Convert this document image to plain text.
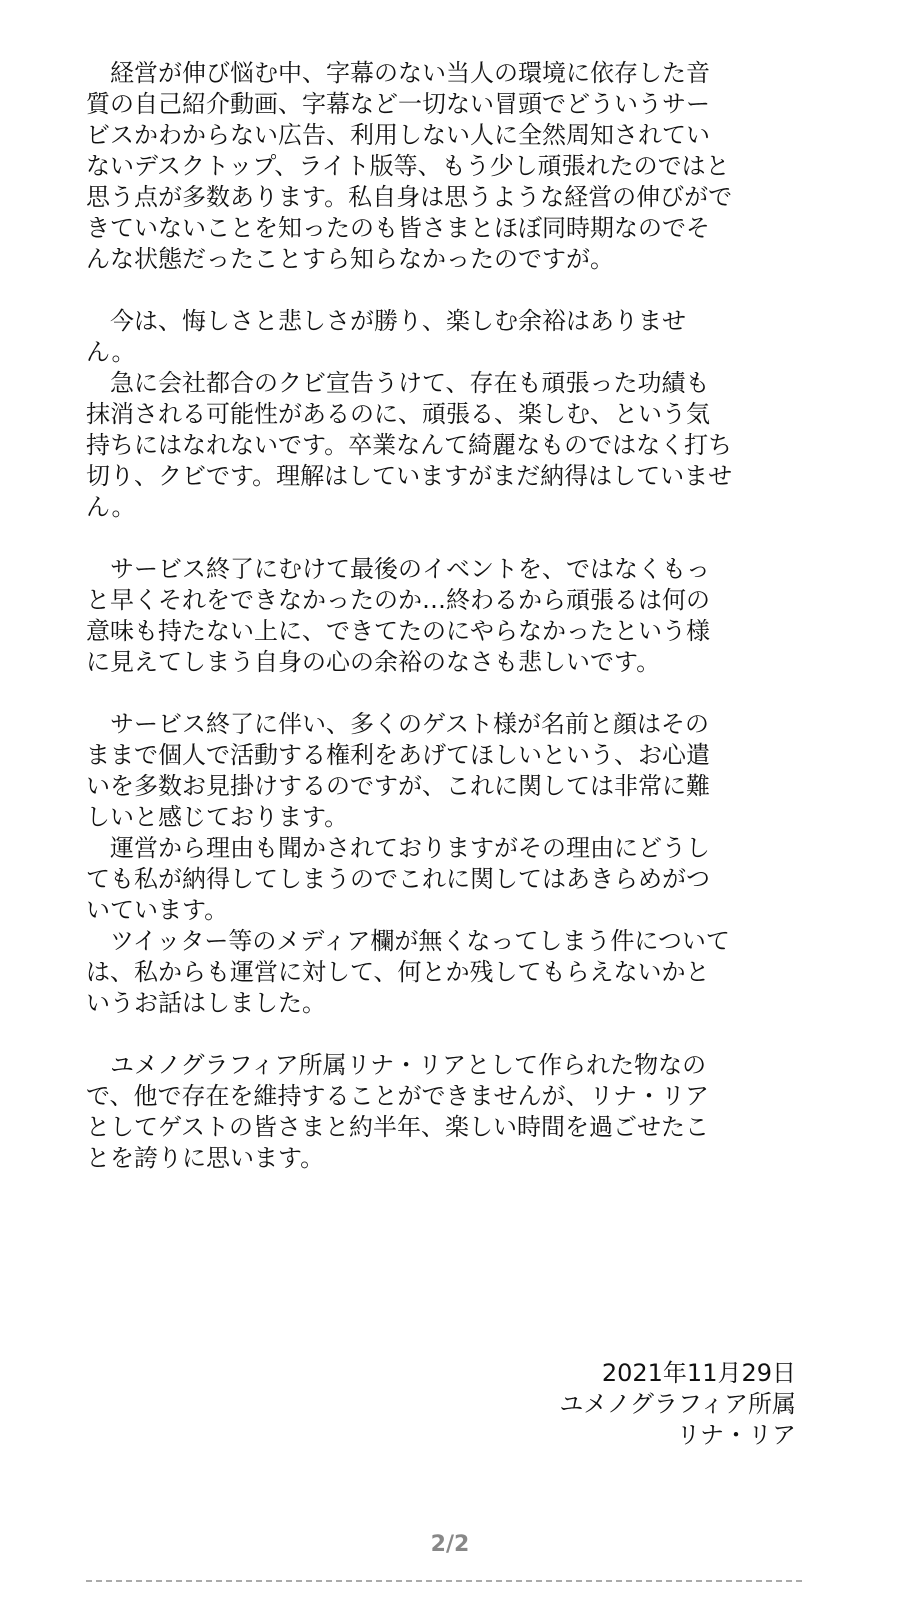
　経営が伸び悩む中、字幕のない当人の環境に依存した音
質の自己紹介動画、字幕など一切ない冒頭でどういうサー
ビスかわからない広告、利用しない人に全然周知されてい
ないデスクトップ、ライト版等、もう少し頑張れたのではと
思う点が多数あります。私自身は思うような経営の伸びがで
きていないことを知ったのも皆さまとほぼ同時期なのでそ
んな状態だったことすら知らなかったのですが。
　今は、悔しさと悲しさが勝り、楽しむ余裕はありませ
ん。
　急に会社都合のクビ宣告うけて、存在も頑張った功績も
抹消される可能性があるのに、頑張る、楽しむ、という気
持ちにはなれないです。卒業なんて綺麗なものではなく打ち
切り、クビです。理解はしていますがまだ納得はしていませ
ん。
　サービス終了にむけて最後のイベントを、ではなくもっ
と早くそれをできなかったのか…終わるから頑張るは何の
意味も持たない上に、できてたのにやらなかったという様
に見えてしまう自身の心の余裕のなさも悲しいです。
　サービス終了に伴い、多くのゲスト様が名前と顔はその
ままで個人で活動する権利をあげてほしいという、お心遣
いを多数お見掛けするのですが、これに関しては非常に難
しいと感じております。
　運営から理由も聞かされておりますがその理由にどうし
ても私が納得してしまうのでこれに関してはあきらめがつ
いています。
　ツイッター等のメディア欄が無くなってしまう件について
は、私からも運営に対して、何とか残してもらえないかと
いうお話はしました。
　ユメノグラフィア所属リナ・リアとして作られた物なの
で、他で存在を維持することができませんが、リナ・リア
としてゲストの皆さまと約半年、楽しい時間を過ごせたこ
とを誇りに思います。
2021年11月29日
ユメノグラフィア所属
リナ・リア
2/2
